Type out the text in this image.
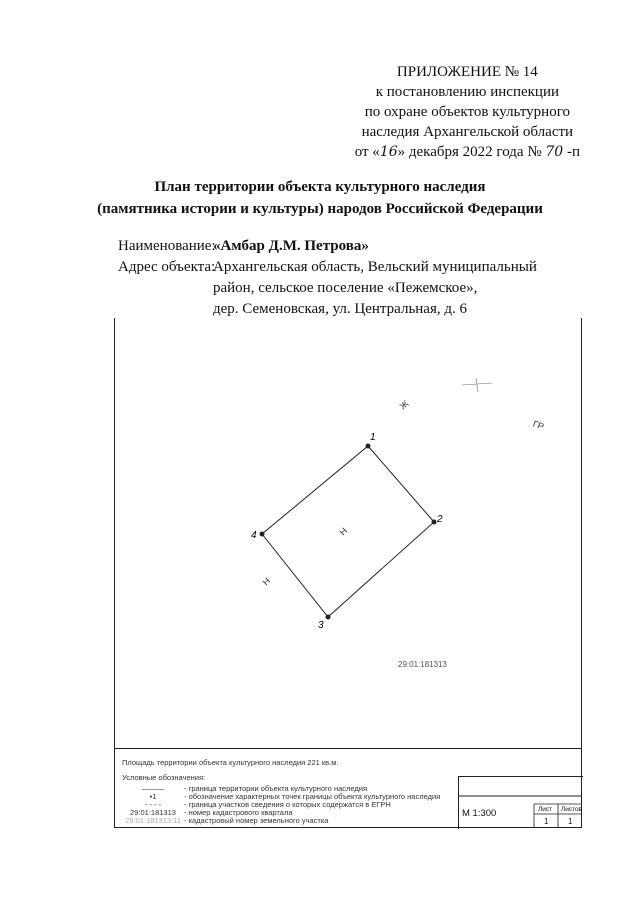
ПРИЛОЖЕНИЕ № 14
к постановлению инспекции
по охране объектов культурного
наследия Архангельской области
от «16» декабря 2022 года № 70 -п
План территории объекта культурного наследия
(памятника истории и культуры) народов Российской Федерации
Наименование:
«Амбар Д.М. Петрова»
Адрес объекта:
Архангельская область, Вельский муниципальный
район, сельское поселение «Пежемское»,
дер. Семеновская, ул. Центральная, д. 6
1
2
3
4
Ж
ГР
Н
Н
29:01:181313
Площадь территории объекта культурного наследия 221 кв.м.
Условные обозначения:
———	- граница территории объекта культурного наследия
•1	- обозначение характерных точек границы объекта культурного наследия
- - - -	- граница участков сведения о которых содержатся в ЕГРН
29:01:181313	- номер кадастрового квартала
29:01:181313:11 - кадастровый номер земельного участка
М 1:300	Лист Листов
1 1
